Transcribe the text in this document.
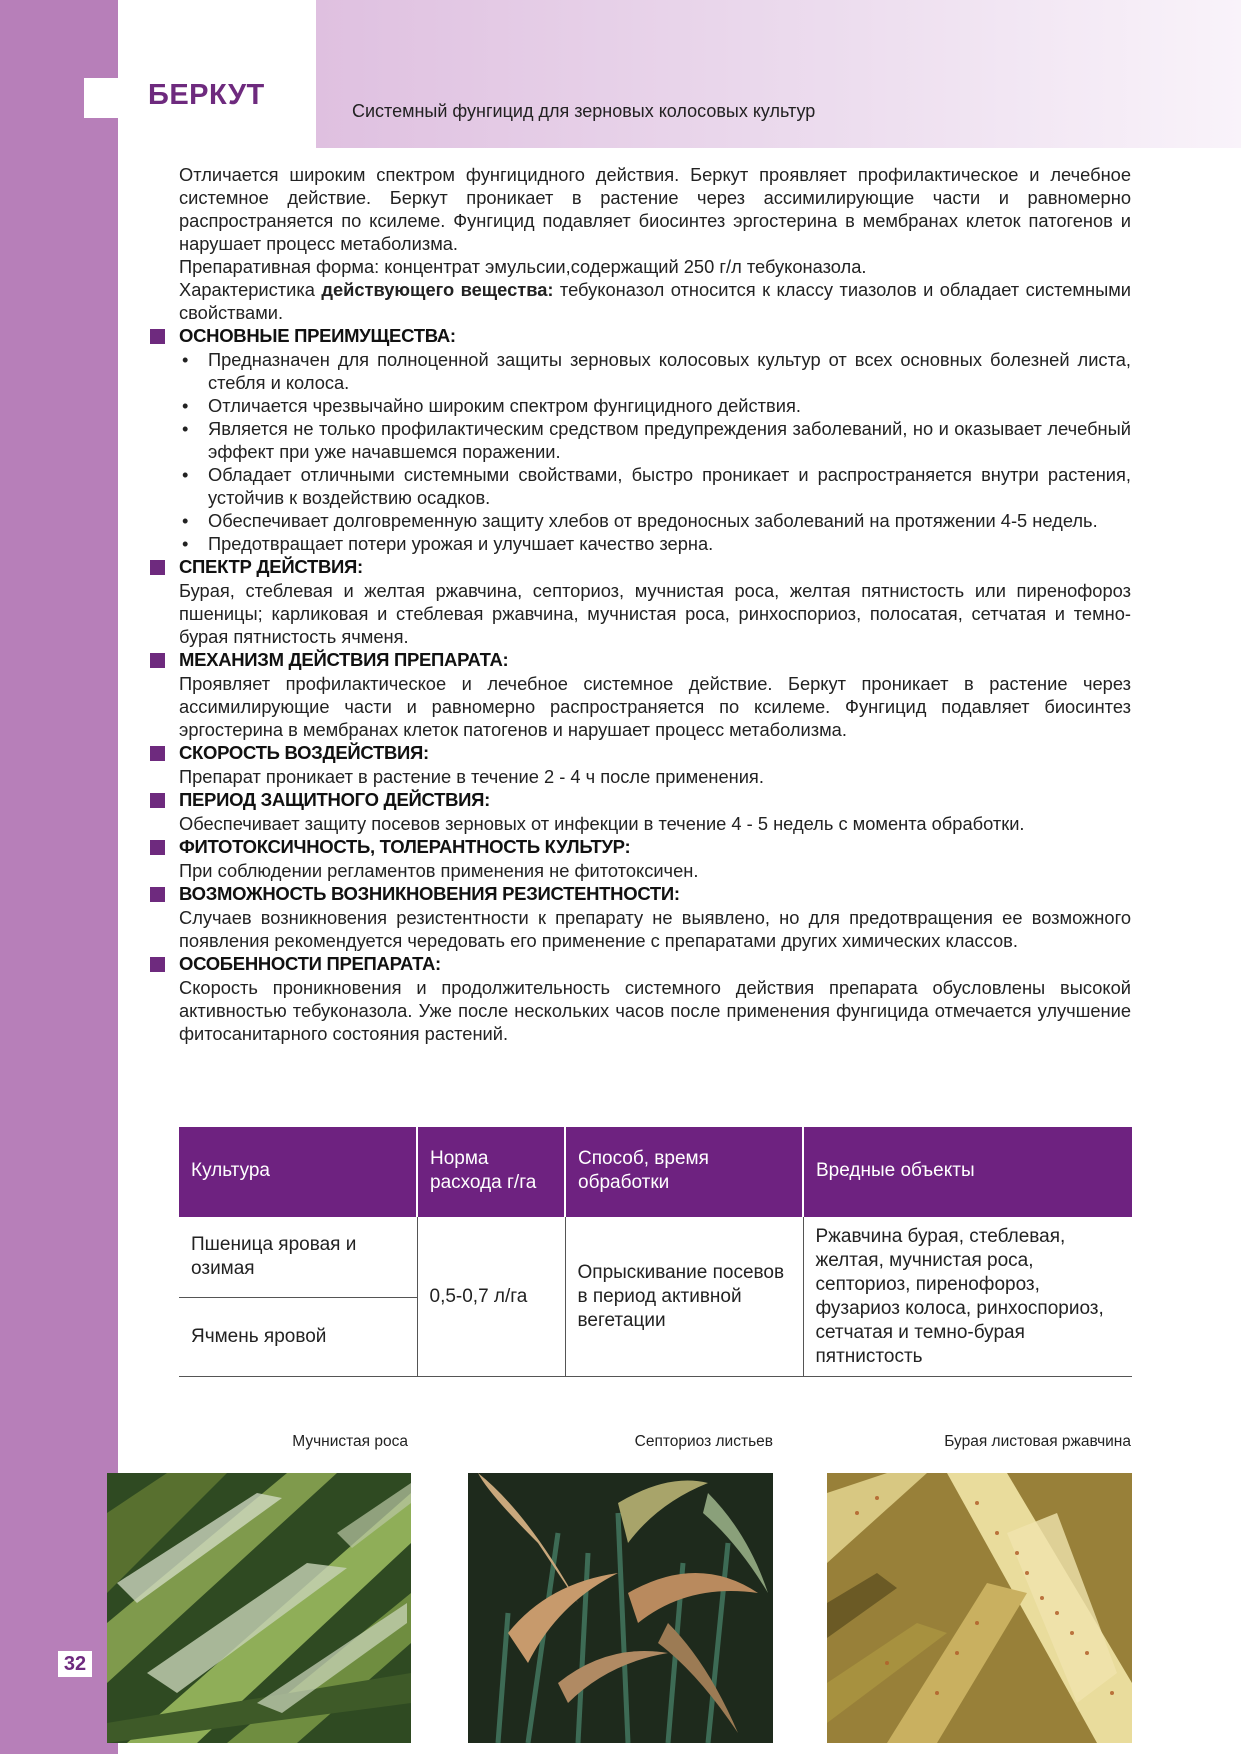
БЕРКУТ	Системный фунгицид для зерновых колосовых культур

Отличается широким спектром фунгицидного действия. Беркут проявляет профилактическое и лечебное системное действие. Беркут проникает в растение через ассимилирующие части и равномерно распространяется по ксилеме. Фунгицид подавляет биосинтез эргостерина в мембранах клеток патогенов и нарушает процесс метаболизма.

Препаративная форма: концентрат эмульсии,содержащий 250 г/л тебуконазола.

Характеристика действующего вещества: тебуконазол относится к классу тиазолов и обладает системными свойствами.

ОСНОВНЫЕ ПРЕИМУЩЕСТВА:
• Предназначен для полноценной защиты зерновых колосовых культур от всех основных болезней листа, стебля и колоса.
• Отличается чрезвычайно широким спектром фунгицидного действия.
• Является не только профилактическим средством предупреждения заболеваний, но и оказывает лечебный эффект при уже начавшемся поражении.
• Обладает отличными системными свойствами, быстро проникает и распространяется внутри растения, устойчив к воздействию осадков.
• Обеспечивает долговременную защиту хлебов от вредоносных заболеваний на протяжении 4-5 недель.
• Предотвращает потери урожая и улучшает качество зерна.
СПЕКТР ДЕЙСТВИЯ:

Бурая, стеблевая и желтая ржавчина, септориоз, мучнистая роса, желтая пятнистость или пиренофороз пшеницы; карликовая и стеблевая ржавчина, мучнистая роса, ринхоспориоз, полосатая, сетчатая и темно-бурая пятнистость ячменя.

МЕХАНИЗМ ДЕЙСТВИЯ ПРЕПАРАТА:

Проявляет профилактическое и лечебное системное действие. Беркут проникает в растение через ассимилирующие части и равномерно распространяется по ксилеме. Фунгицид подавляет биосинтез эргостерина в мембранах клеток патогенов и нарушает процесс метаболизма.

СКОРОСТЬ ВОЗДЕЙСТВИЯ:

Препарат проникает в растение в течение 2 - 4 ч после применения.

ПЕРИОД ЗАЩИТНОГО ДЕЙСТВИЯ:

Обеспечивает защиту посевов зерновых от инфекции в течение 4 - 5 недель с момента обработки.

ФИТОТОКСИЧНОСТЬ, ТОЛЕРАНТНОСТЬ КУЛЬТУР:

При соблюдении регламентов применения не фитотоксичен.

ВОЗМОЖНОСТЬ ВОЗНИКНОВЕНИЯ РЕЗИСТЕНТНОСТИ:

Случаев возникновения резистентности к препарату не выявлено, но для предотвращения ее возможного появления рекомендуется чередовать его применение с препаратами других химических классов.

ОСОБЕННОСТИ ПРЕПАРАТА:

Скорость проникновения и продолжительность системного действия препарата обусловлены высокой активностью тебуконазола. Уже после нескольких часов после применения фунгицида отмечается улучшение фитосанитарного состояния растений.

Культура	Норма расхода г/га	Способ, время обработки	Вредные объекты
Пшеница яровая и озимая	0,5-0,7 л/га	Опрыскивание посевов в период активной вегетации	Ржавчина бурая, стеблевая, желтая, мучнистая роса, септориоз, пиренофороз, фузариоз колоса, ринхоспориоз, сетчатая и темно-бурая пятнистость
Ячмень яровой			
Мучнистая роса	Септориоз листьев	Бурая листовая ржавчина
32
